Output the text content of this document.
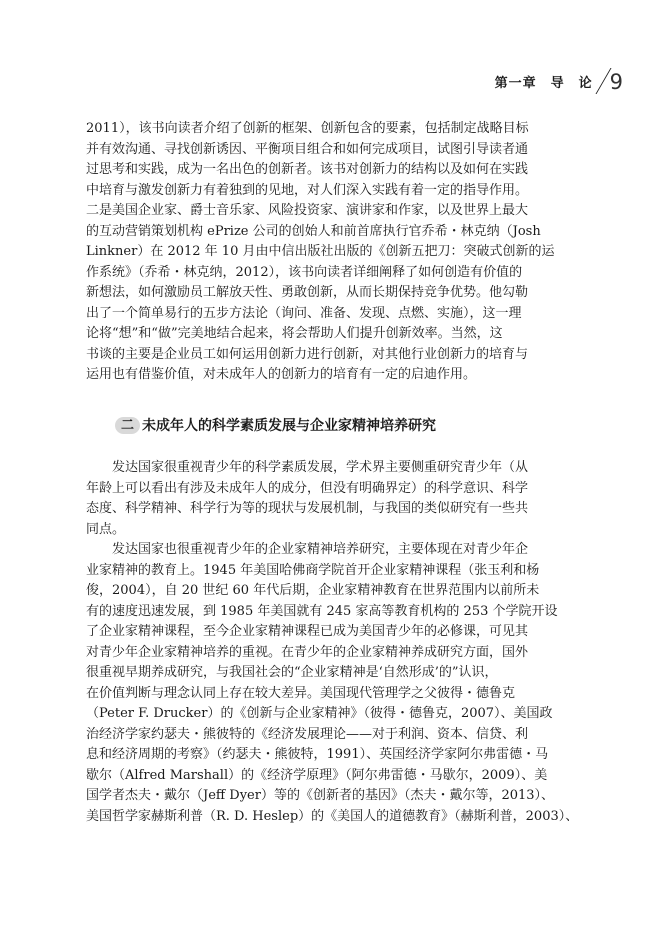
第一章　导　论 9
2011），该书向读者介绍了创新的框架、创新包含的要素，包括制定战略目标
并有效沟通、寻找创新诱因、平衡项目组合和如何完成项目，试图引导读者通
过思考和实践，成为一名出色的创新者。该书对创新力的结构以及如何在实践
中培育与激发创新力有着独到的见地，对人们深入实践有着一定的指导作用。
二是美国企业家、爵士音乐家、风险投资家、演讲家和作家，以及世界上最大
的互动营销策划机构 ePrize 公司的创始人和前首席执行官乔希・林克纳（Josh
Linkner）在 2012 年 10 月由中信出版社出版的《创新五把刀：突破式创新的运
作系统》（乔希・林克纳，2012），该书向读者详细阐释了如何创造有价值的
新想法，如何激励员工解放天性、勇敢创新，从而长期保持竞争优势。他勾勒
出了一个简单易行的五步方法论（询问、准备、发现、点燃、实施），这一理
论将“想”和“做”完美地结合起来，将会帮助人们提升创新效率。当然，这
书谈的主要是企业员工如何运用创新力进行创新，对其他行业创新力的培育与
运用也有借鉴价值，对未成年人的创新力的培育有一定的启迪作用。
二 未成年人的科学素质发展与企业家精神培养研究
发达国家很重视青少年的科学素质发展，学术界主要侧重研究青少年（从
年龄上可以看出有涉及未成年人的成分，但没有明确界定）的科学意识、科学
态度、科学精神、科学行为等的现状与发展机制，与我国的类似研究有一些共
同点。
发达国家也很重视青少年的企业家精神培养研究，主要体现在对青少年企
业家精神的教育上。1945 年美国哈佛商学院首开企业家精神课程（张玉利和杨
俊，2004），自 20 世纪 60 年代后期，企业家精神教育在世界范围内以前所未
有的速度迅速发展，到 1985 年美国就有 245 家高等教育机构的 253 个学院开设
了企业家精神课程，至今企业家精神课程已成为美国青少年的必修课，可见其
对青少年企业家精神培养的重视。在青少年的企业家精神养成研究方面，国外
很重视早期养成研究，与我国社会的“企业家精神是‘自然形成’的”认识，
在价值判断与理念认同上存在较大差异。美国现代管理学之父彼得・德鲁克
（Peter F. Drucker）的《创新与企业家精神》（彼得・德鲁克，2007）、美国政
治经济学家约瑟夫・熊彼特的《经济发展理论——对于利润、资本、信贷、利
息和经济周期的考察》（约瑟夫・熊彼特，1991）、英国经济学家阿尔弗雷德・马
歇尔（Alfred Marshall）的《经济学原理》（阿尔弗雷德・马歇尔，2009）、美
国学者杰夫・戴尔（Jeff Dyer）等的《创新者的基因》（杰夫・戴尔等，2013）、
美国哲学家赫斯利普（R. D. Heslep）的《美国人的道德教育》（赫斯利普，2003）、
